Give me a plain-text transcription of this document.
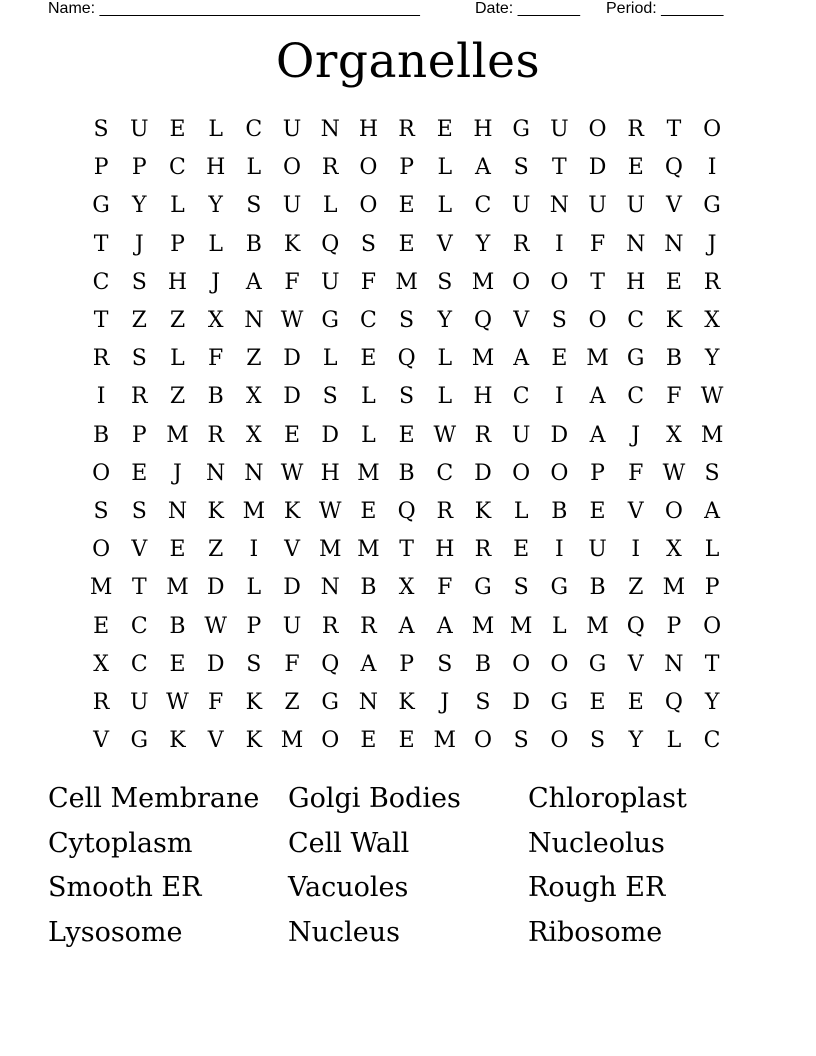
Name: ____________________________________	Date: _______ Period: _______
Organelles
S U E	L	C U N H R E H G U O R	T O
P	P	C H L O R O P	L	A	S	T	D E Q	I
G	Y	L	Y	S U L O E	L	C U N U U V G
T	J	P	L	B K Q S	E	V	Y	R	I	F N N	J
C	S H	J	A	F U F M S M O O T H E R
T	Z	Z	X N W G C	S	Y Q V	S O C K	X
R	S	L	F	Z D	L	E Q L M A	E M G B	Y
I	R	Z	B	X D S	L	S	L H C	I	A C	F W
B	P M R	X	E D	L	E W R U D A	J	X M
O E	J	N N W H M B C D O O P	F W S
S	S N K M K W E Q R K	L	B	E	V O A
O V	E	Z	I	V M M T H R E	I	U	I	X	L
M T M D	L	D N B	X	F G S G B	Z M P
E C B W P U R R A	A M M L M Q P O
X C E D S	F Q A	P	S	B O O G V N T
R U W F	K	Z G N K	J	S D G E	E Q Y
V G K	V	K M O E	E M O S O S	Y	L	C
Cell Membrane	Golgi Bodies	Chloroplast
Cytoplasm	Cell Wall	Nucleolus
Smooth ER	Vacuoles	Rough ER
Lysosome	Nucleus	Ribosome
